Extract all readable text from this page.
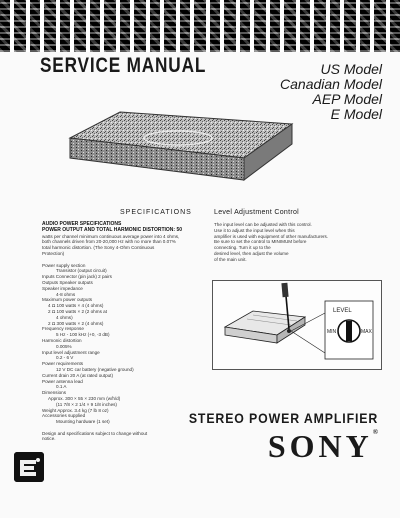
SERVICE MANUAL	US Model
Canadian Model
AEP Model
E Model
SPECIFICATIONS	Level Adjustment Control
AUDIO POWER SPECIFICATIONS
POWER OUTPUT AND TOTAL HARMONIC DISTORTION: 50
watts per channel minimum continuous average power into 4 ohms,
both channels driven from 20-20,000 Hz with no more than 0.07%
total harmonic distortion. (The Sony 4-Ohm Continuous
Protection)

Power supply section
Transistor (output circuit)
Inputs Connector (pin jack) 2 pairs
Outputs Speaker outputs
Speaker impedance
4-8 ohms
Maximum power outputs
4 Ω 100 watts × 4 (4 ohms)
2 Ω 100 watts × 2 (2 ohms at
4 ohms)
2 Ω 300 watts × 2 (4 ohms)
Frequency response
5 Hz - 100 kHz (+0, -3 dB)
Harmonic distortion
0.005%
Input level adjustment range
0.2 - 6 V
Power requirements
12 V DC car battery (negative ground)
Current drain 20 A (at rated output)
Power antenna lead
0.1 A
Dimensions
Approx. 300 × 55 × 230 mm (w/h/d)
(11 7/8 × 2 1/4 × 9 1/8 inches)
Weight Approx. 3.4 kg (7 lb 8 oz)
Accessories supplied
Mounting hardware (1 set)

Design and specifications subject to change without
notice.
The input level can be adjusted with this control.
Use it to adjust the input level when this
amplifier is used with equipment of other manufacturers.
Be sure to set the control to MINIMUM before
connecting. Turn it up to the
desired level, then adjust the volume
of the main unit.
LEVEL
MIN	MAX
STEREO POWER AMPLIFIER
SONY®
